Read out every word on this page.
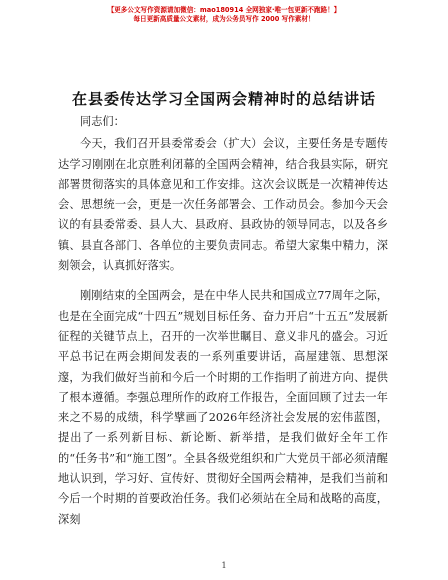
【更多公文写作资源请加微信：mao180914 全网独家·唯一包更新不跑路！】
每日更新高质量公文素材，成为公务员写作 2000 写作素材！
在县委传达学习全国两会精神时的总结讲话

同志们：

今天，我们召开县委常委会（扩大）会议，主要任务是专题传达学习刚刚在北京胜利闭幕的全国两会精神，结合我县实际，研究部署贯彻落实的具体意见和工作安排。这次会议既是一次精神传达会、思想统一会，更是一次任务部署会、工作动员会。参加今天会议的有县委常委、县人大、县政府、县政协的领导同志，以及各乡镇、县直各部门、各单位的主要负责同志。希望大家集中精力，深刻领会，认真抓好落实。

刚刚结束的全国两会，是在中华人民共和国成立77周年之际，也是在全面完成“十四五”规划目标任务、奋力开启“十五五”发展新征程的关键节点上，召开的一次举世瞩目、意义非凡的盛会。习近平总书记在两会期间发表的一系列重要讲话，高屋建瓴、思想深邃，为我们做好当前和今后一个时期的工作指明了前进方向、提供了根本遵循。李强总理所作的政府工作报告，全面回顾了过去一年来之不易的成绩，科学擘画了2026年经济社会发展的宏伟蓝图，提出了一系列新目标、新论断、新举措，是我们做好全年工作的“任务书”和“施工图”。全县各级党组织和广大党员干部必须清醒地认识到，学习好、宣传好、贯彻好全国两会精神，是我们当前和今后一个时期的首要政治任务。我们必须站在全局和战略的高度，深刻

1
